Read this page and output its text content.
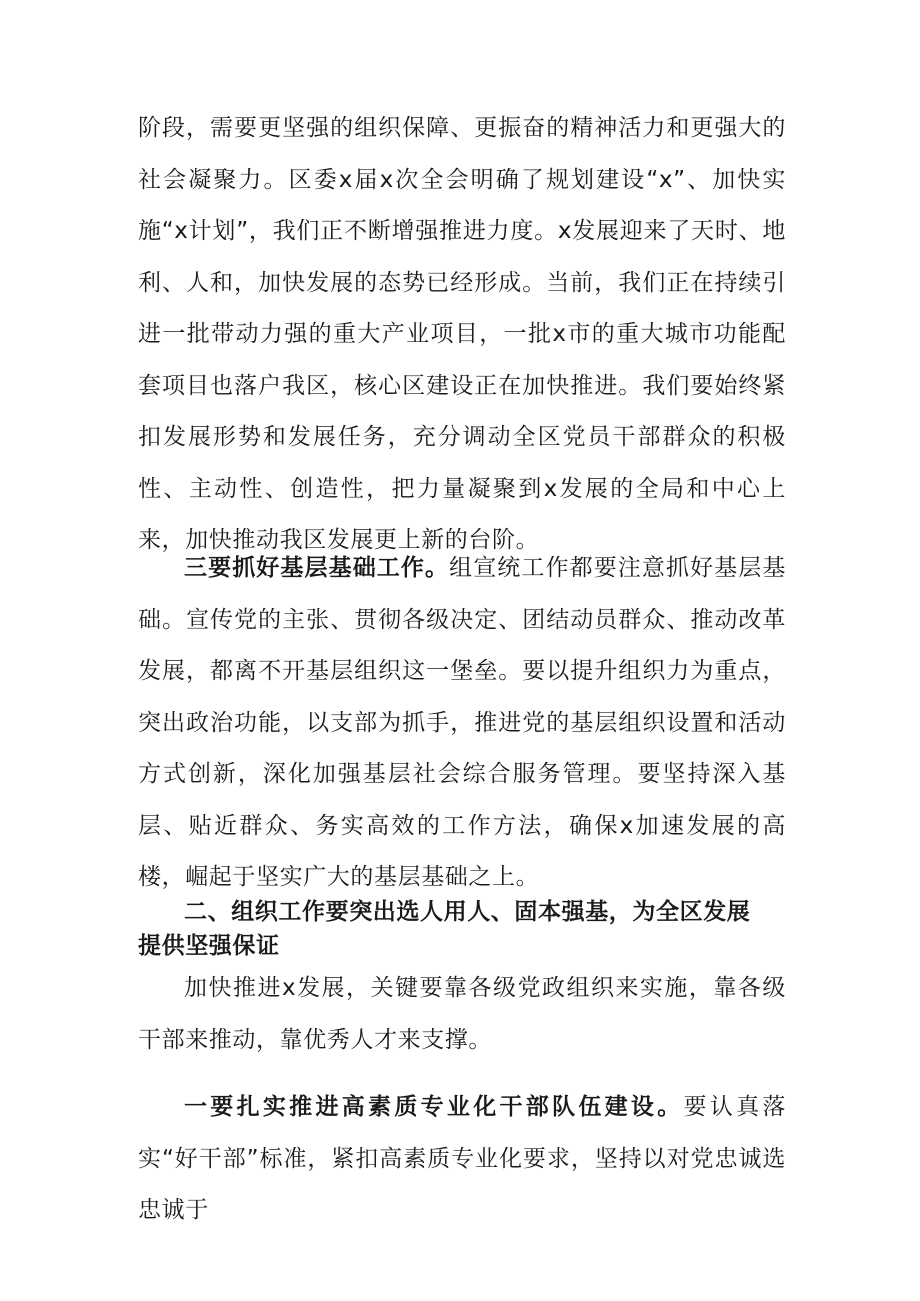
阶段，需要更坚强的组织保障、更振奋的精神活力和更强大的社会凝聚力。区委x届x次全会明确了规划建设“x”、加快实施“x计划”，我们正不断增强推进力度。x发展迎来了天时、地利、人和，加快发展的态势已经形成。当前，我们正在持续引进一批带动力强的重大产业项目，一批x市的重大城市功能配套项目也落户我区，核心区建设正在加快推进。我们要始终紧扣发展形势和发展任务，充分调动全区党员干部群众的积极性、主动性、创造性，把力量凝聚到x发展的全局和中心上来，加快推动我区发展更上新的台阶。
三要抓好基层基础工作。组宣统工作都要注意抓好基层基础。宣传党的主张、贯彻各级决定、团结动员群众、推动改革发展，都离不开基层组织这一堡垒。要以提升组织力为重点，突出政治功能，以支部为抓手，推进党的基层组织设置和活动方式创新，深化加强基层社会综合服务管理。要坚持深入基层、贴近群众、务实高效的工作方法，确保x加速发展的高楼，崛起于坚实广大的基层基础之上。
二、组织工作要突出选人用人、固本强基，为全区发展
提供坚强保证
加快推进x发展，关键要靠各级党政组织来实施，靠各级干部来推动，靠优秀人才来支撑。
一要扎实推进高素质专业化干部队伍建设。要认真落实“好干部”标准，紧扣高素质专业化要求，坚持以对党忠诚选忠诚于
